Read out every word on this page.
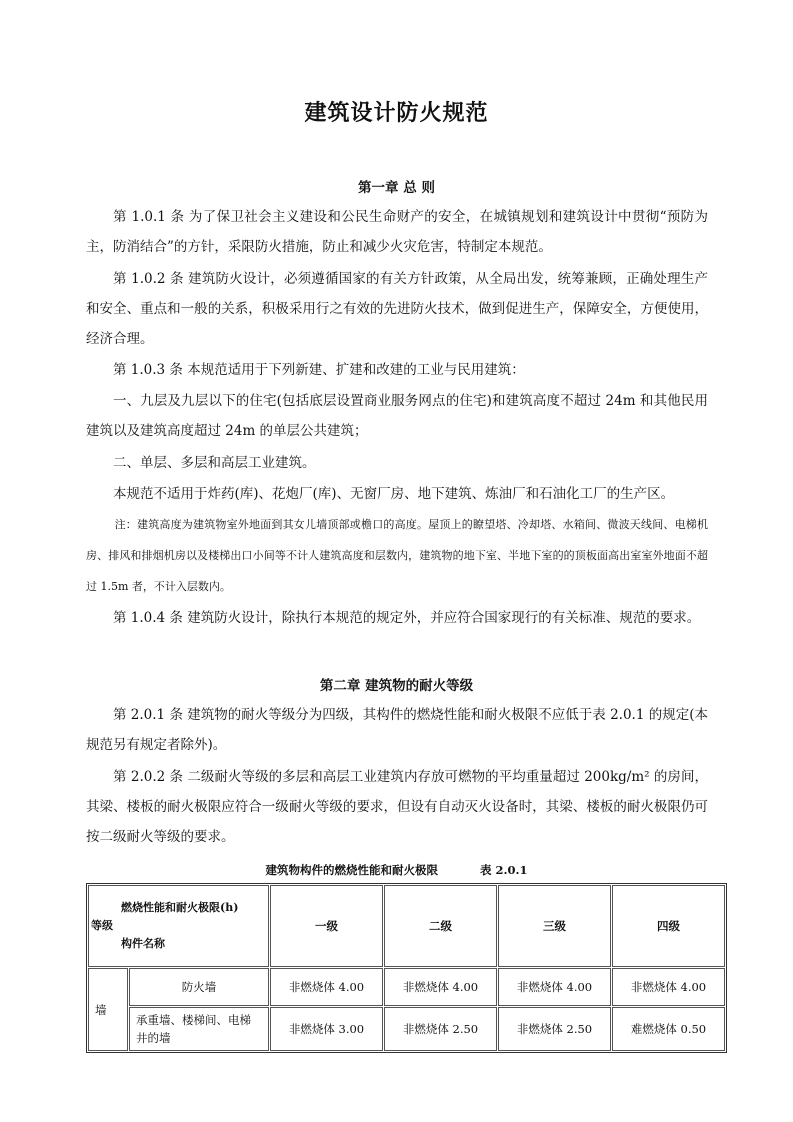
建筑设计防火规范
第一章 总 则

第 1.0.1 条 为了保卫社会主义建设和公民生命财产的安全，在城镇规划和建筑设计中贯彻“预防为主，防消结合”的方针，采限防火措施，防止和减少火灾危害，特制定本规范。

第 1.0.2 条 建筑防火设计，必须遵循国家的有关方针政策，从全局出发，统筹兼顾，正确处理生产和安全、重点和一般的关系，积极采用行之有效的先进防火技术，做到促进生产，保障安全，方便使用，经济合理。

第 1.0.3 条 本规范适用于下列新建、扩建和改建的工业与民用建筑：

一、九层及九层以下的住宅(包括底层设置商业服务网点的住宅)和建筑高度不超过 24m 和其他民用建筑以及建筑高度超过 24m 的单层公共建筑；

二、单层、多层和高层工业建筑。

本规范不适用于炸药(库)、花炮厂(库)、无窗厂房、地下建筑、炼油厂和石油化工厂的生产区。

注：建筑高度为建筑物室外地面到其女儿墙顶部或檐口的高度。屋顶上的瞭望塔、冷却塔、水箱间、微波天线间、电梯机房、排风和排烟机房以及楼梯出口小间等不计人建筑高度和层数内，建筑物的地下室、半地下室的的顶板面高出室室外地面不超过 1.5m 者，不计入层数内。

第 1.0.4 条 建筑防火设计，除执行本规范的规定外，并应符合国家现行的有关标准、规范的要求。

第二章 建筑物的耐火等级

第 2.0.1 条 建筑物的耐火等级分为四级，其构件的燃烧性能和耐火极限不应低于表 2.0.1 的规定(本规范另有规定者除外)。

第 2.0.2 条 二级耐火等级的多层和高层工业建筑内存放可燃物的平均重量超过 200kg/m² 的房间，其梁、楼板的耐火极限应符合一级耐火等级的要求，但设有自动灭火设备时，其梁、楼板的耐火极限仍可按二级耐火等级的要求。

建筑物构件的燃烧性能和耐火极限	表 2.0.1
燃烧性能和耐火极限(h)
等级
构件名称		一级	二级	三级	四级
墙	防火墙	非燃烧体 4.00	非燃烧体 4.00	非燃烧体 4.00	非燃烧体 4.00
	承重墙、楼梯间、电梯井的墙	非燃烧体 3.00	非燃烧体 2.50	非燃烧体 2.50	难燃烧体 0.50
